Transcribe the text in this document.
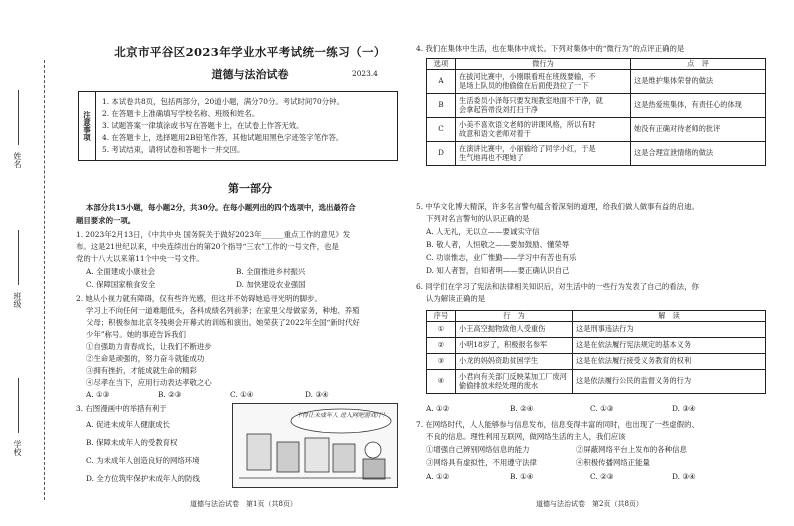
姓名
班级
学校
北京市平谷区2023年学业水平考试统一练习（一）
道德与法治试卷	2023.4
注意事项	
1. 本试卷共8页，包括两部分，20道小题，满分70分。考试时间70分钟。
2. 在答题卡上准确填写学校名称、班级和姓名。
3. 试题答案一律填涂或书写在答题卡上，在试卷上作答无效。
4. 在答题卡上，选择题用2B铅笔作答，其他试题用黑色字迹签字笔作答。
5. 考试结束，请将试卷和答题卡一并交回。
第一部分
本部分共15小题，每小题2分，共30分。在每小题列出的四个选项中，选出最符合
题目要求的一项。
1. 2023年2月13日，《中共中央 国务院关于做好2023年______重点工作的意见》发
布。这是21世纪以来，中央连续出台的第20个指导“三农”工作的一号文件，也是
党的十八大以来第11个中央一号文件。
A. 全面建成小康社会	B. 全面推进乡村振兴
C. 保障国家粮食安全	D. 加快建设农业强国
2. 她从小视力就有障碍，仅有些许光感，但这并不妨碍她追寻光明的脚步。
学习上不向任何一道难题低头，各科成绩名列前茅；在家里父母做家务，种地、养殖
父母；积极参加北京冬残奥会开幕式的训练和演出。她荣获了2022年全国“新时代好
少年”称号。她的事迹告诉我们
①自强助力青春成长，让我们不断进步
②生命是顽强的，努力奋斗就能成功
③拥有挫折，才能成就生命的精彩
④尽孝在当下，应用行动表达孝敬之心
A. ①③	B. ②③	C. ①④	D. ③④
3. 右图漫画中的举措有利于
A. 促进未成年人健康成长
B. 保障未成年人的受教育权
C. 为未成年人创造良好的网络环境
D. 全方位筑牢保护未成年人的防线
不得让未成年人 进入网吧游戏厅！
道德与法治试卷　第1页（共8页）
4. 我们在集体中生活，也在集体中成长。下列对集体中的“微行为”的点评正确的是
选项	微行为	点　评
A	在拔河比赛中，小刚眼看班在班级要输，不
是场上队员的他偷偷在后面使劲拉了一下	这是维护集体荣誉的做法
B	生活委员小泽每只要发现教室地面不干净，就
会拿起笞帚没刘打扫干净	这是热爱班集体，有责任心的体现
C	小美不喜欢语文老师的讲课风格，所以有时
故意和语文老师对着干	她没有正确对待老师的批评
D	在演讲比赛中，小丽输给了同学小红，于是
生气地再也不理她了	这是合理宣泄情绪的做法
5. 中华文化博大精深，许多名言警句蕴含着深刻的道理，给我们做人做事有益的启迪。
下列对名言警句的认识正确的是
A. 人无礼，无以立——要诚实守信
B. 敬人者，人恒敬之——要加鼓励、懂荣辱
C. 功崇惟志，业广惟勤——学习中有苦也有乐
D. 知人者智，自知者明——要正确认识自己
6. 同学们在学习了宪法和法律相关知识后，对生活中的一些行为发表了自己的看法，你
认为解读正确的是
序号	行　为	解　读
①	小王高空抛物致他人受重伤	这是刑事违法行为
②	小明18岁了，积极报名参军	这是在依法履行宪法规定的基本义务
③	小龙的妈妈资助贫困学生	这是在依法履行接受义务教育的权利
④	小君向有关部门反映某加工厂废河
偷偷排放未经处理的废水	这是依法履行公民的监督义务的行为
A. ①②	B. ②④	C. ①③	D. ③④
7. 在网络时代，人人能够参与信息发布，信息变得丰富的同时，也出现了一些虚假的、
不良的信息。理性利用互联网，做网络生活的主人，我们应该
①增强自己辨别网络信息的能力	②屏蔽网络平台上发布的各种信息
③网络具有虚拟性，不用遵守法律	④积极传播网络正能量
A. ①②	B. ①④	C. ②③	D. ③④
道德与法治试卷　第2页（共8页）
